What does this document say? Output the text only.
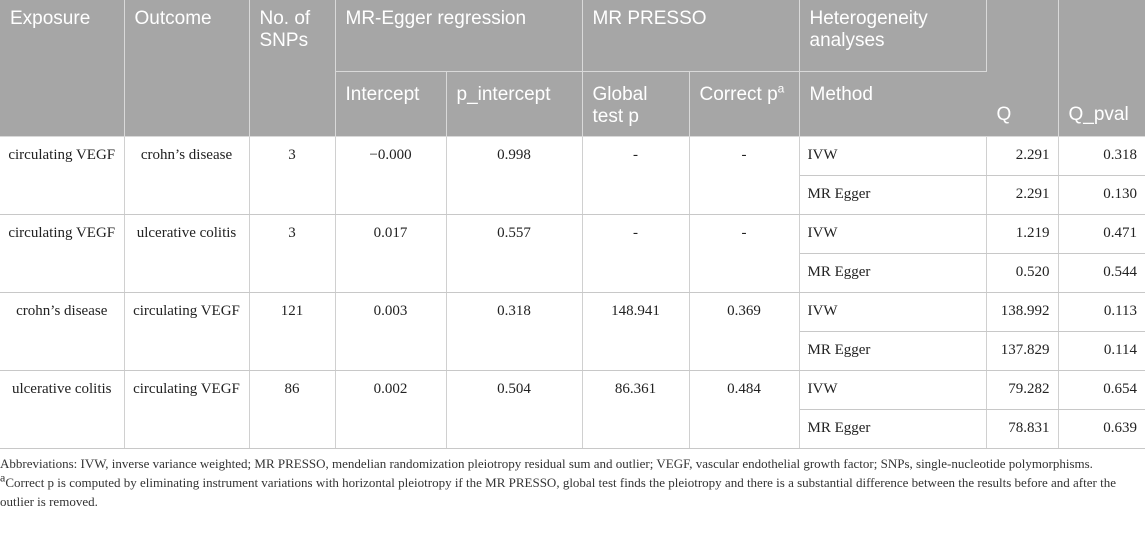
Exposure	Outcome	No. of SNPs	MR-Egger regression		MR PRESSO		Heterogeneity analyses	Q	Q_pval
			Intercept	p_intercept	Global test p	Correct $p^a$	Method		
circulating VEGF	crohn’s disease	3	−0.000	0.998	-	-	IVW	2.291	0.318
							MR Egger	2.291	0.130
circulating VEGF	ulcerative colitis	3	0.017	0.557	-	-	IVW	1.219	0.471
							MR Egger	0.520	0.544
crohn’s disease	circulating VEGF	121	0.003	0.318	148.941	0.369	IVW	138.992	0.113
							MR Egger	137.829	0.114
ulcerative colitis	circulating VEGF	86	0.002	0.504	86.361	0.484	IVW	79.282	0.654
							MR Egger	78.831	0.639

Abbreviations: IVW, inverse variance weighted; MR PRESSO, mendelian randomization pleiotropy residual sum and outlier; VEGF, vascular endothelial growth factor; SNPs, single-nucleotide polymorphisms.

$^a$Correct p is computed by eliminating instrument variations with horizontal pleiotropy if the MR PRESSO, global test finds the pleiotropy and there is a substantial difference between the results before and after the outlier is removed.
